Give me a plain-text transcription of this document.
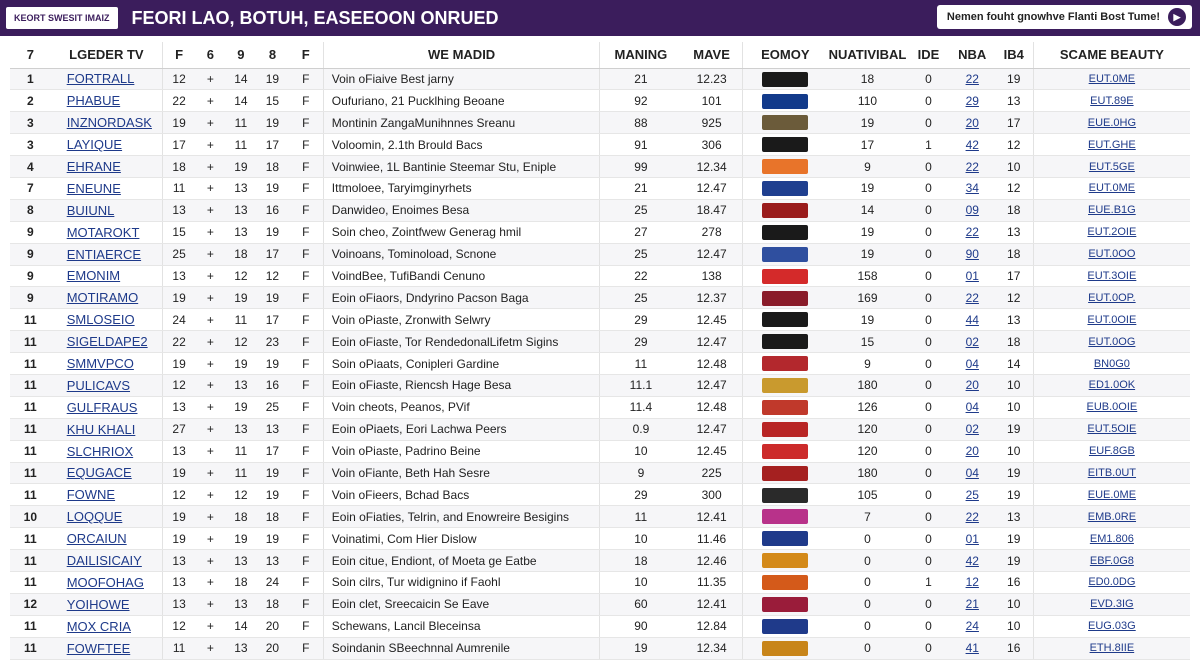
KEORT SWESIT IMAIZ	FEORI LAO, BOTUH, EASEEOON ONRUED	Nemen fouht gnowhve Flanti Bost Tume!	▶
7	LGEDER TV	F	6	9	8	F	WE MADID	MANING	MAVE	EOMOY	NUATIVIBAL	IDE	NBA	IB4	SCAME BEAUTY
1	FORTRALL	12	+	14	19	F	Voin oFiaive Best jarny	21	12.23		18	0	22	19	EUT.0ME
2	PHABUE	22	+	14	15	F	Oufuriano, 21 Pucklhing Beoane	92	101		110	0	29	13	EUT.89E
3	INZNORDASK	19	+	11	19	F	Montinin ZangaMunihnnes Sreanu	88	925		19	0	20	17	EUE.0HG
3	LAYIQUE	17	+	11	17	F	Voloomin, 2.1th Brould Bacs	91	306		17	1	42	12	EUT.GHE
4	EHRANE	18	+	19	18	F	Voinwiee, 1L Bantinie Steemar Stu, Eniple	99	12.34		9	0	22	10	EUT.5GE
7	ENEUNE	11	+	13	19	F	Ittmoloee, Taryimginyrhets	21	12.47		19	0	34	12	EUT.0ME
8	BUIUNL	13	+	13	16	F	Danwideo, Enoimes Besa	25	18.47		14	0	09	18	EUE.B1G
9	MOTAROKT	15	+	13	19	F	Soin cheo, Zointfwew Generag hmil	27	278		19	0	22	13	EUT.2OIE
9	ENTIAERCE	25	+	18	17	F	Voinoans, Tominoload, Scnone	25	12.47		19	0	90	18	EUT.0OO
9	EMONIM	13	+	12	12	F	VoindBee, TufiBandi Cenuno	22	138		158	0	01	17	EUT.3OIE
9	MOTIRAMO	19	+	19	19	F	Eoin oFiaors, Dndyrino Pacson Baga	25	12.37		169	0	22	12	EUT.0OP.
11	SMLOSEIO	24	+	11	17	F	Voin oPiaste, Zronwith Selwry	29	12.45		19	0	44	13	EUT.0OIE
11	SIGELDAPE2	22	+	12	23	F	Eoin oFiaste, Tor RendedonalLifetm Sigins	29	12.47		15	0	02	18	EUT.0OG
11	SMMVPCO	19	+	19	19	F	Soin oPiaats, Conipleri Gardine	11	12.48		9	0	04	14	BN0G0
11	PULICAVS	12	+	13	16	F	Eoin oFiaste, Riencsh Hage Besa	11.1	12.47		180	0	20	10	ED1.0OK
11	GULFRAUS	13	+	19	25	F	Voin cheots, Peanos, PVif	11.4	12.48		126	0	04	10	EUB.0OIE
11	KHU KHALI	27	+	13	13	F	Eoin oPiaets, Eori Lachwa Peers	0.9	12.47		120	0	02	19	EUT.5OIE
11	SLCHRIOX	13	+	11	17	F	Voin oPiaste, Padrino Beine	10	12.45		120	0	20	10	EUF.8GB
11	EQUGACE	19	+	11	19	F	Voin oFiante, Beth Hah Sesre	9	225		180	0	04	19	EITB.0UT
11	FOWNE	12	+	12	19	F	Voin oFieers, Bchad Bacs	29	300		105	0	25	19	EUE.0ME
10	LOQQUE	19	+	18	18	F	Eoin oFiaties, Telrin, and Enowreire Besigins	11	12.41		7	0	22	13	EMB.0RE
11	ORCAIUN	19	+	19	19	F	Voinatimi, Com Hier Dislow	10	11.46		0	0	01	19	EM1.806
11	DAILISICAIY	13	+	13	13	F	Eoin citue, Endiont, of Moeta ge Eatbe	18	12.46		0	0	42	19	EBF.0G8
11	MOOFOHAG	13	+	18	24	F	Soin cilrs, Tur widignino if Faohl	10	11.35		0	1	12	16	ED0.0DG
12	YOIHOWE	13	+	13	18	F	Eoin clet, Sreecaicin Se Eave	60	12.41		0	0	21	10	EVD.3IG
11	MOX CRIA	12	+	14	20	F	Schewans, Lancil Bleceinsa	90	12.84		0	0	24	10	EUG.03G
11	FOWFTEE	11	+	13	20	F	Soindanin SBeechnnal Aumrenile	19	12.34		0	0	41	16	ETH.8IIE
